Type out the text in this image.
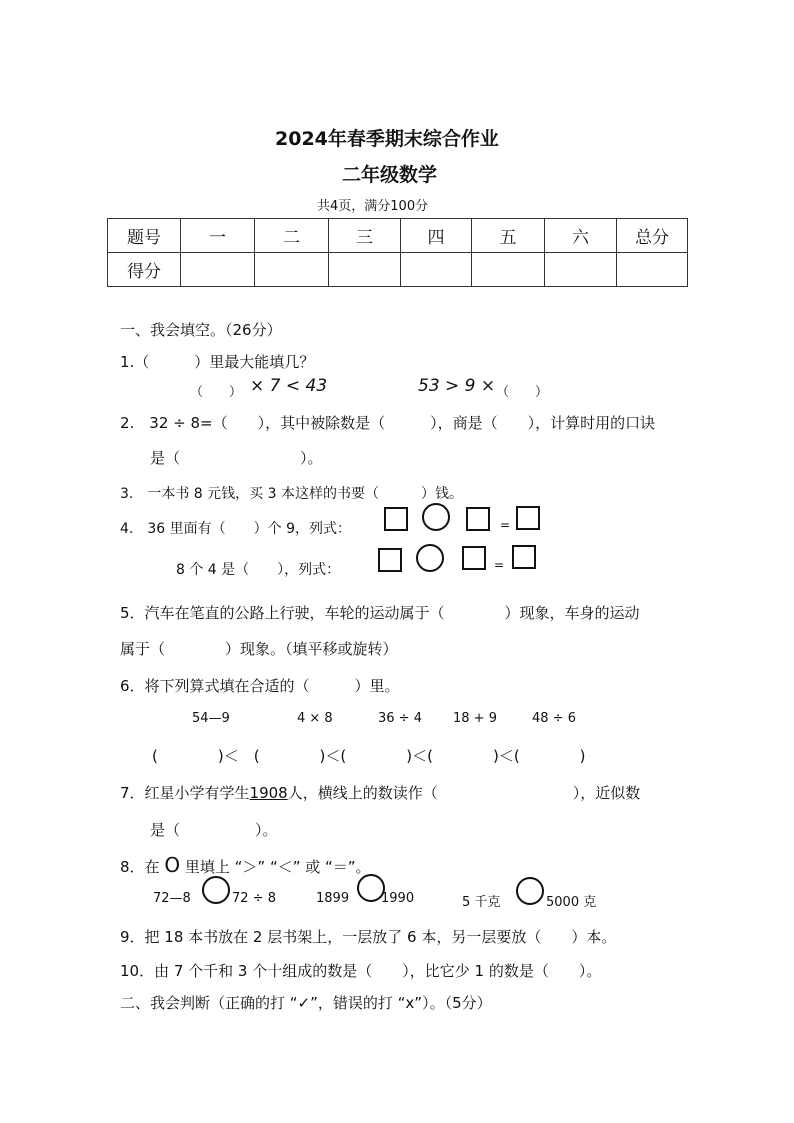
2024年春季期末综合作业
二年级数学
共4页，满分100分
题号	一	二	三	四	五	六	总分
得分							
一、我会填空。（26分）
1.（　　　）里最大能填几？
（　　） × 7 < 43	53 > 9 × （　　）
2.　32 ÷ 8=（　　），其中被除数是（　　　），商是（　　），计算时用的口诀
是（　　　　　　　　）。
3.　一本书 8 元钱，买 3 本这样的书要（　　　）钱。
4.　36 里面有（　　）个 9，列式：	=
8 个 4 是（　　），列式：	=
5．汽车在笔直的公路上行驶，车轮的运动属于（　　　　）现象，车身的运动
属于（　　　　）现象。（填平移或旋转）
6．将下列算式填在合适的（　　　）里。
54—9	4 × 8	36 ÷ 4 18 + 9	48 ÷ 6
(　　　　)＜　(　　　　)＜(　　　　)＜(　　　　)＜(　　　　)
7．红星小学有学生1908人，横线上的数读作（　　　　　　　　　），近似数
是（　　　　　）。
8．在 O 里填上 “＞” “＜” 或 “＝”。
72—8	72 ÷ 8	1899 1990	5 千克	5000 克
9．把 18 本书放在 2 层书架上，一层放了 6 本，另一层要放（　　）本。
10．由 7 个千和 3 个十组成的数是（　　），比它少 1 的数是（　　）。
二、我会判断（正确的打 “✓”，错误的打 “x”）。（5分）
